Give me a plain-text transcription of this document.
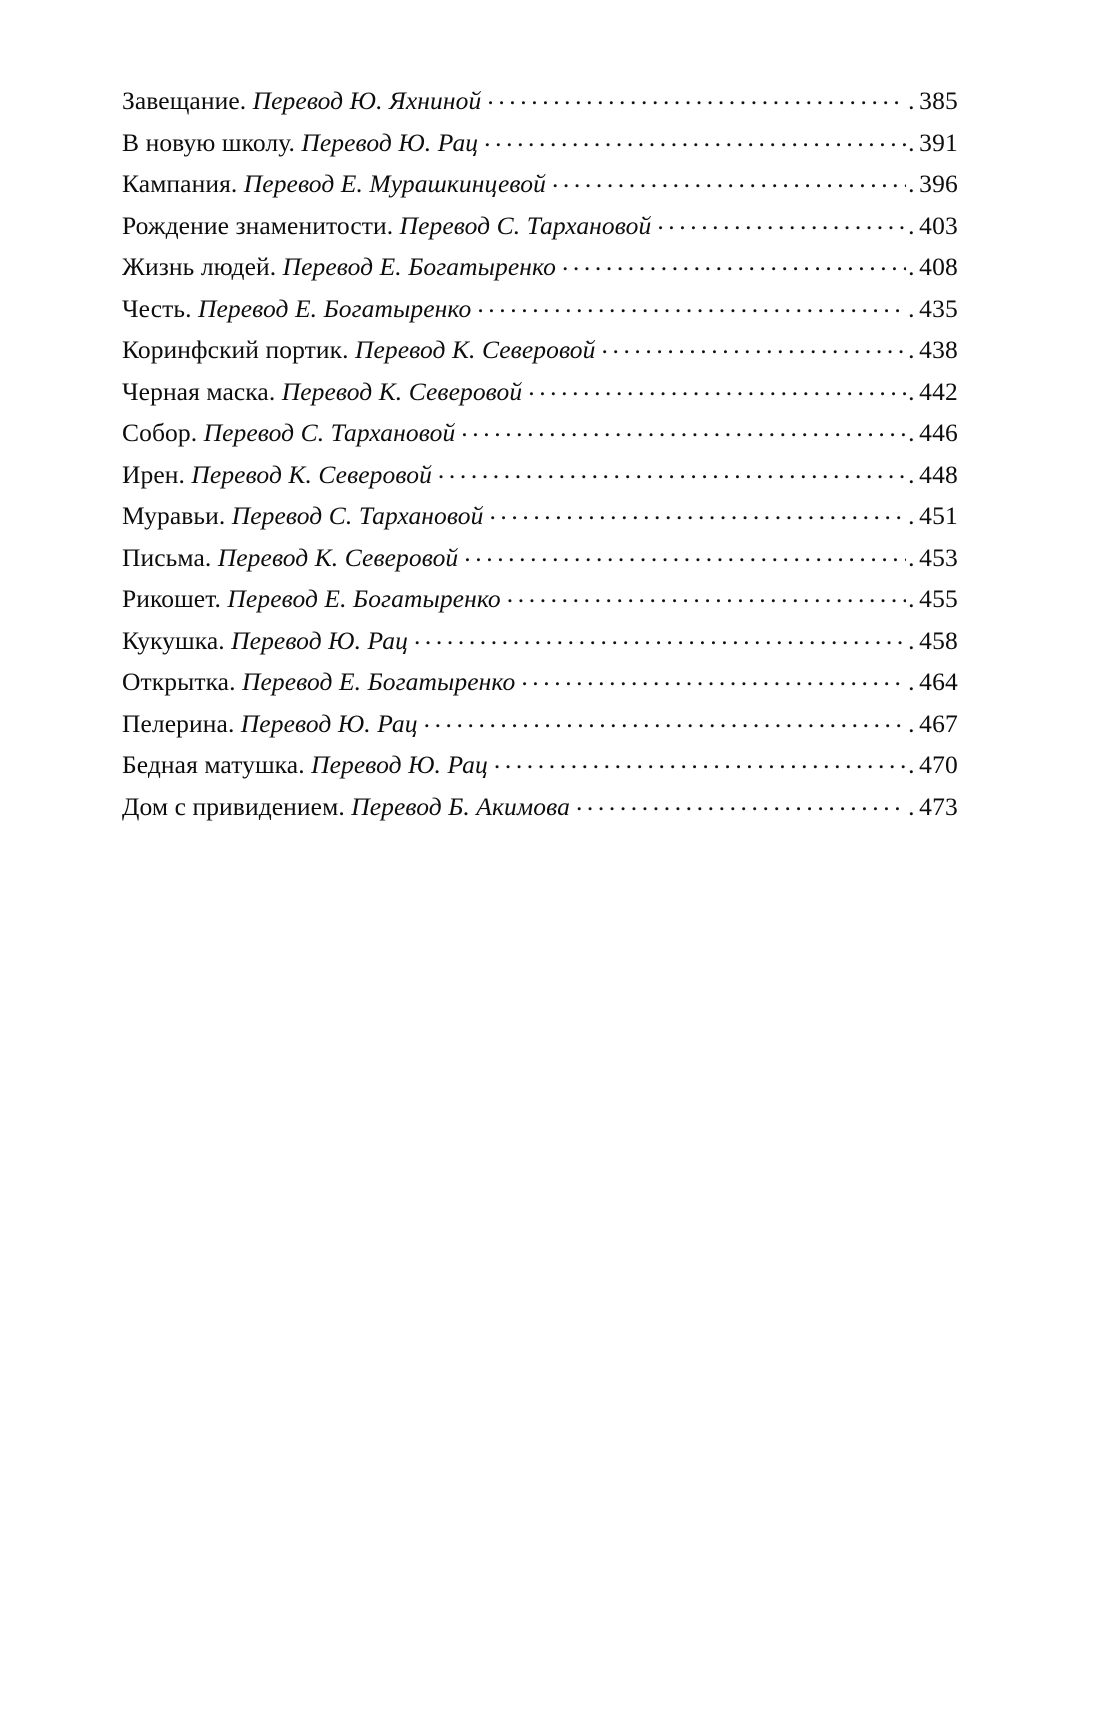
Завещание. Перевод Ю. Яхниной .....	. 385
В новую школу. Перевод Ю. Рац .....	. 391
Кампания. Перевод Е. Мурашкинцевой .....	. 396
Рождение знаменитости. Перевод С. Тархановой .....	. 403
Жизнь людей. Перевод Е. Богатыренко .....	. 408
Честь. Перевод Е. Богатыренко .....	. 435
Коринфский портик. Перевод К. Северовой .....	. 438
Черная маска. Перевод К. Северовой .....	. 442
Собор. Перевод С. Тархановой .....	. 446
Ирен. Перевод К. Северовой .....	. 448
Муравьи. Перевод С. Тархановой .....	. 451
Письма. Перевод К. Северовой .....	. 453
Рикошет. Перевод Е. Богатыренко .....	. 455
Кукушка. Перевод Ю. Рац .....	. 458
Открытка. Перевод Е. Богатыренко .....	. 464
Пелерина. Перевод Ю. Рац .....	. 467
Бедная матушка. Перевод Ю. Рац .....	. 470
Дом с привидением. Перевод Б. Акимова .....	. 473
